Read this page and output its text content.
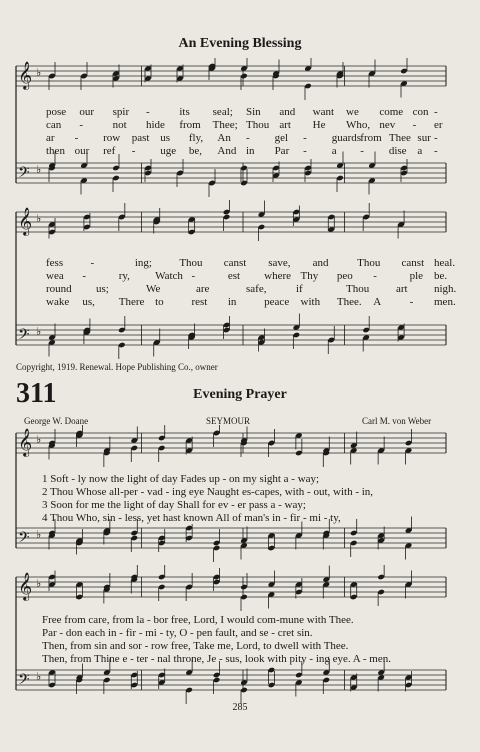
An Evening Blessing
𝄞 ♭
𝄢 ♭
pose our spir -	its seal; Sin and want we come con -
can -	not hide from Thee; Thou art He Who, nev - er
ar - row past us fly, An - gel - guards from Thee sur -
then our ref - uge be, And in Par - a - dise a -
𝄞 ♭
𝄢 ♭
fess -	ing; Thou canst save, and	Thou canst heal.
wea -	ry, Watch -	est where Thy peo -	ple be.
round us;	We	are	safe,	if	Thou art nigh.
wake us, There to	rest in	peace with Thee. A	- men.
Copyright, 1919. Renewal. Hope Publishing Co., owner
311	Evening Prayer
George W. Doane	SEYMOUR	Carl M. von Weber
𝄞 ♭
𝄢 ♭
1 Soft - ly now the light of day Fades up - on my sight a - way;
2 Thou Whose all-per - vad - ing eye Naught es-capes, with - out, with - in,
3 Soon for me the light of day Shall for ev - er pass a - way;
4 Thou Who, sin - less, yet hast known All of man's in - fir - mi - ty,
𝄞 ♭
𝄢 ♭
Free from care, from la - bor free, Lord, I would com-mune with Thee.
Par - don each in - fir - mi - ty, O - pen fault, and se - cret sin.
Then, from sin and sor - row free, Take me, Lord, to dwell with Thee.
Then, from Thine e - ter - nal throne, Je - sus, look with pity - ing eye. A - men.
285
